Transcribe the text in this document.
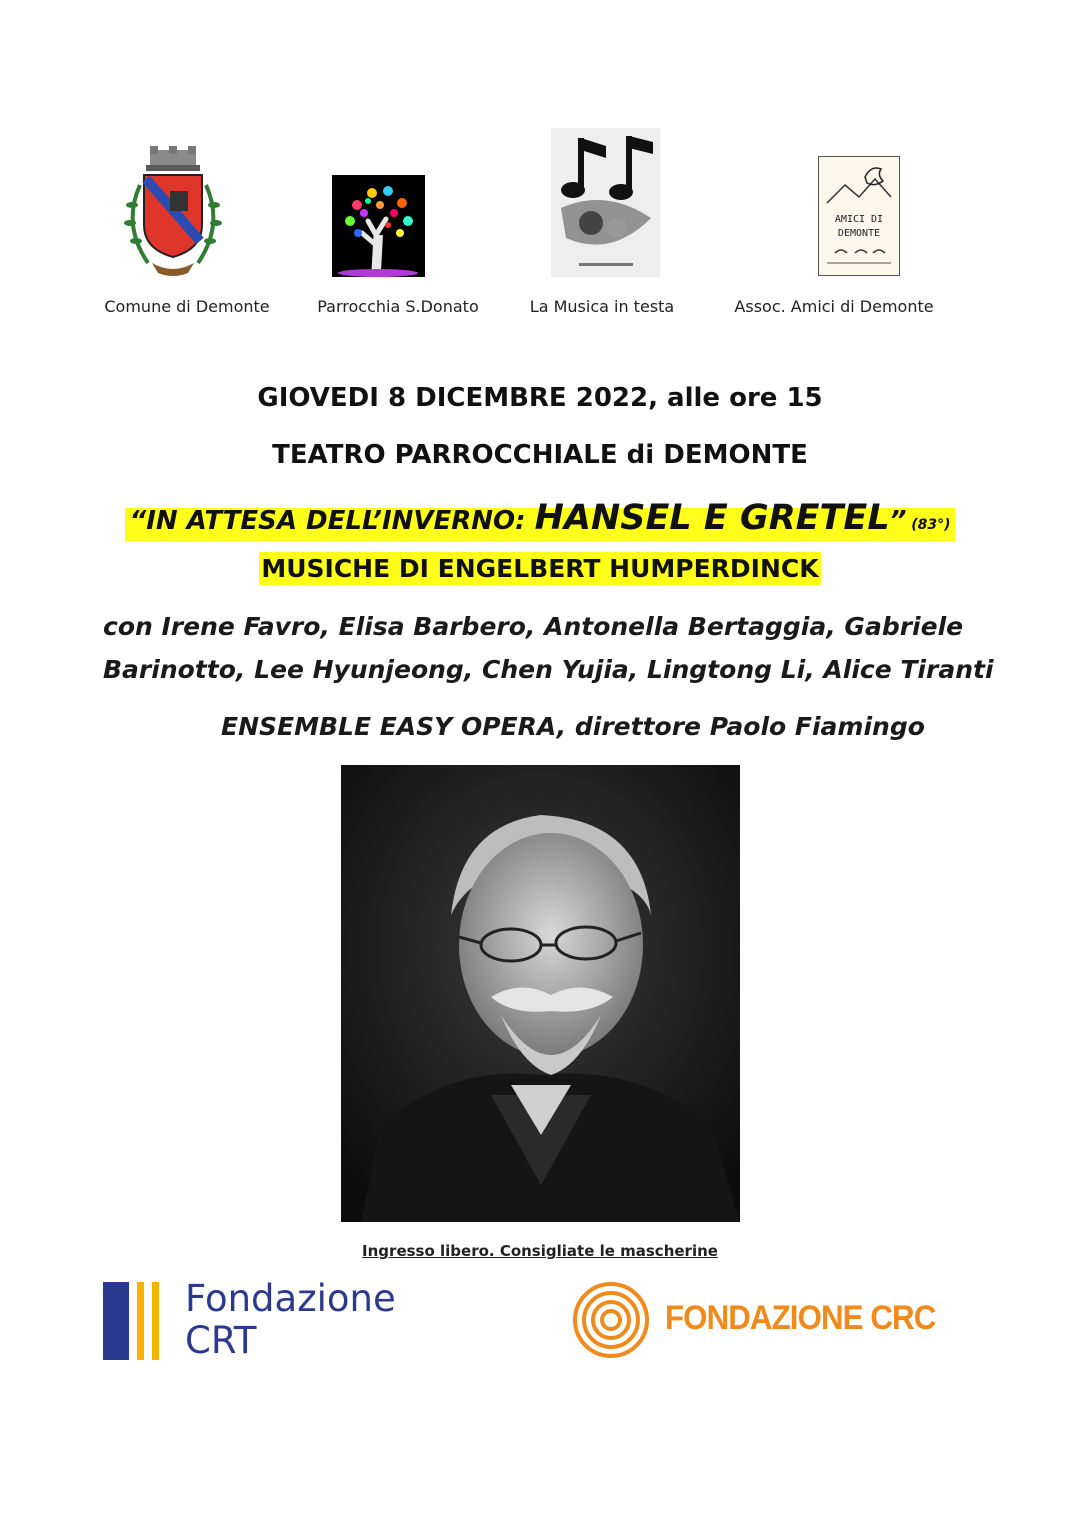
AMICI DI DEMONTE
Comune di Demonte	Parrocchia S.Donato	La Musica in testa	Assoc. Amici di Demonte
GIOVEDI 8 DICEMBRE 2022, alle ore 15
TEATRO PARROCCHIALE di DEMONTE
“IN ATTESA DELL’INVERNO: HANSEL E GRETEL” (83°)
MUSICHE DI ENGELBERT HUMPERDINCK
con Irene Favro, Elisa Barbero, Antonella Bertaggia, Gabriele
Barinotto, Lee Hyunjeong, Chen Yujia, Lingtong Li, Alice Tiranti
ENSEMBLE EASY OPERA, direttore Paolo Fiamingo
Ingresso libero. Consigliate le mascherine
Fondazione
CRT
FONDAZIONE CRC
